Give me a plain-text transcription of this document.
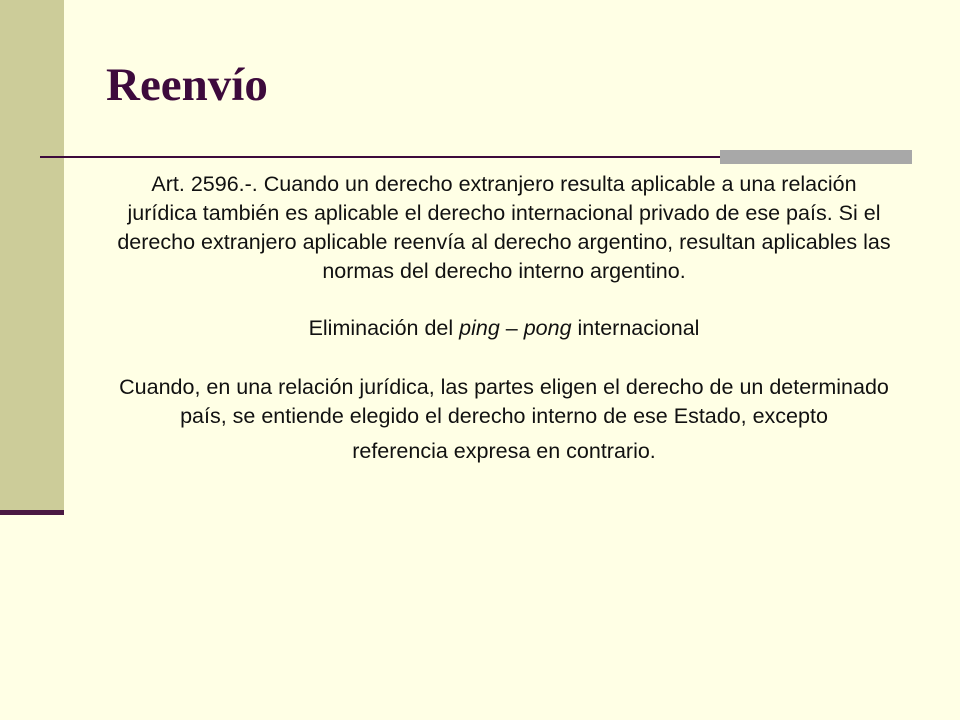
Reenvío

Art. 2596.-. Cuando un derecho extranjero resulta aplicable a una relación jurídica también es aplicable el derecho internacional privado de ese país. Si el derecho extranjero aplicable reenvía al derecho argentino, resultan aplicables las normas del derecho interno argentino.

Eliminación del ping – pong internacional

Cuando, en una relación jurídica, las partes eligen el derecho de un determinado país, se entiende elegido el derecho interno de ese Estado, excepto

referencia expresa en contrario.
